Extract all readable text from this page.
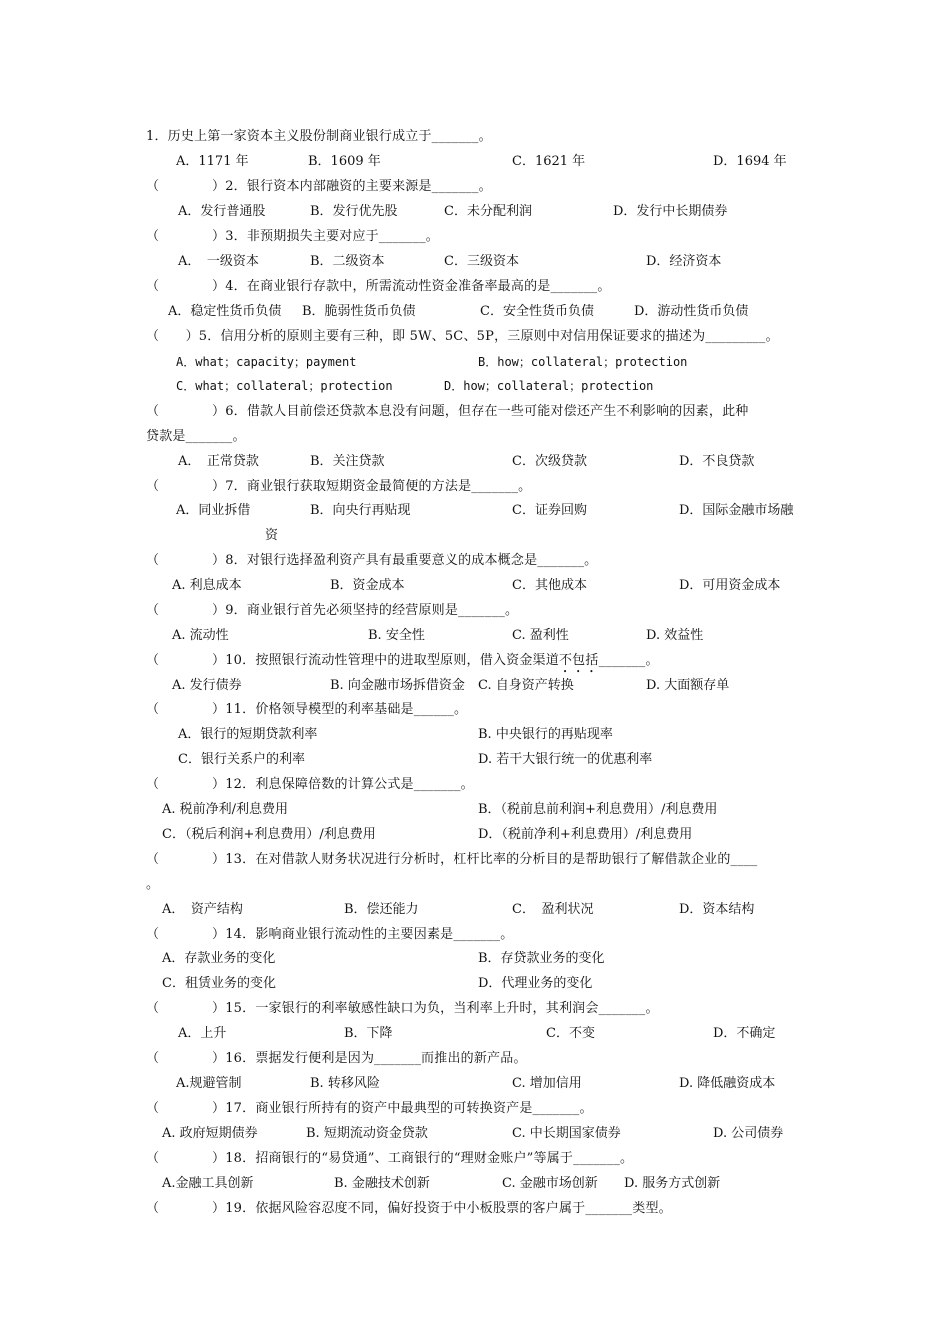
1．历史上第一家资本主义股份制商业银行成立于_______。
A．1171 年	B．1609 年	C．1621 年	D．1694 年
（　　　　）2．银行资本内部融资的主要来源是_______。
A．发行普通股	B．发行优先股	C．未分配利润	D．发行中长期债券
（　　　　）3．非预期损失主要对应于_______。
A．　一级资本	B．二级资本	C．三级资本	D．经济资本
（　　　　）4．在商业银行存款中，所需流动性资金准备率最高的是_______。
A．稳定性货币负债 B．脆弱性货币负债	C．安全性货币负债	D．游动性货币负债
（　　）5．信用分析的原则主要有三种，即 5W、5C、5P，三原则中对信用保证要求的描述为_________。
A．what；capacity；payment	B．how；collateral；protection
C．what；collateral；protection	D．how；collateral；protection
（　　　　）6．借款人目前偿还贷款本息没有问题，但存在一些可能对偿还产生不利影响的因素，此种
贷款是_______。
A．　正常贷款	B．关注贷款	C．次级贷款	D．不良贷款
（　　　　）7．商业银行获取短期资金最简便的方法是_______。
A．同业拆借	B．向央行再贴现	C．证券回购	D．国际金融市场融
资
（　　　　）8．对银行选择盈利资产具有最重要意义的成本概念是_______。
A. 利息成本	B．资金成本	C．其他成本	D．可用资金成本
（　　　　）9．商业银行首先必须坚持的经营原则是_______。
A. 流动性	B. 安全性	C. 盈利性	D. 效益性
（　　　　）10．按照银行流动性管理中的进取型原则，借入资金渠道不包括_______。
A. 发行债券	B. 向金融市场拆借资金 C. 自身资产转换	D. 大面额存单
（　　　　）11．价格领导模型的利率基础是______。
A．银行的短期贷款利率	B. 中央银行的再贴现率
C．银行关系户的利率	D. 若干大银行统一的优惠利率
（　　　　）12．利息保障倍数的计算公式是_______。
A. 税前净利/利息费用	B．（税前息前利润+利息费用）/利息费用
C．（税后利润+利息费用）/利息费用	D．（税前净利+利息费用）/利息费用
（　　　　）13．在对借款人财务状况进行分析时，杠杆比率的分析目的是帮助银行了解借款企业的____
。
A．　资产结构	B．偿还能力	C．　盈利状况	D．资本结构
（　　　　）14．影响商业银行流动性的主要因素是_______。
A．存款业务的变化	B．存贷款业务的变化
C．租赁业务的变化	D．代理业务的变化
（　　　　）15．一家银行的利率敏感性缺口为负，当利率上升时，其利润会_______。
A．上升	B．下降	C．不变	D．不确定
（　　　　）16．票据发行便利是因为_______而推出的新产品。
A.规避管制	B. 转移风险	C. 增加信用	D. 降低融资成本
（　　　　）17．商业银行所持有的资产中最典型的可转换资产是_______。
A. 政府短期债券	B. 短期流动资金贷款	C. 中长期国家债券	D. 公司债券
（　　　　）18．招商银行的“易贷通”、工商银行的“理财金账户”等属于_______。
A.金融工具创新	B. 金融技术创新	C. 金融市场创新 D. 服务方式创新
（　　　　）19．依据风险容忍度不同，偏好投资于中小板股票的客户属于_______类型。
